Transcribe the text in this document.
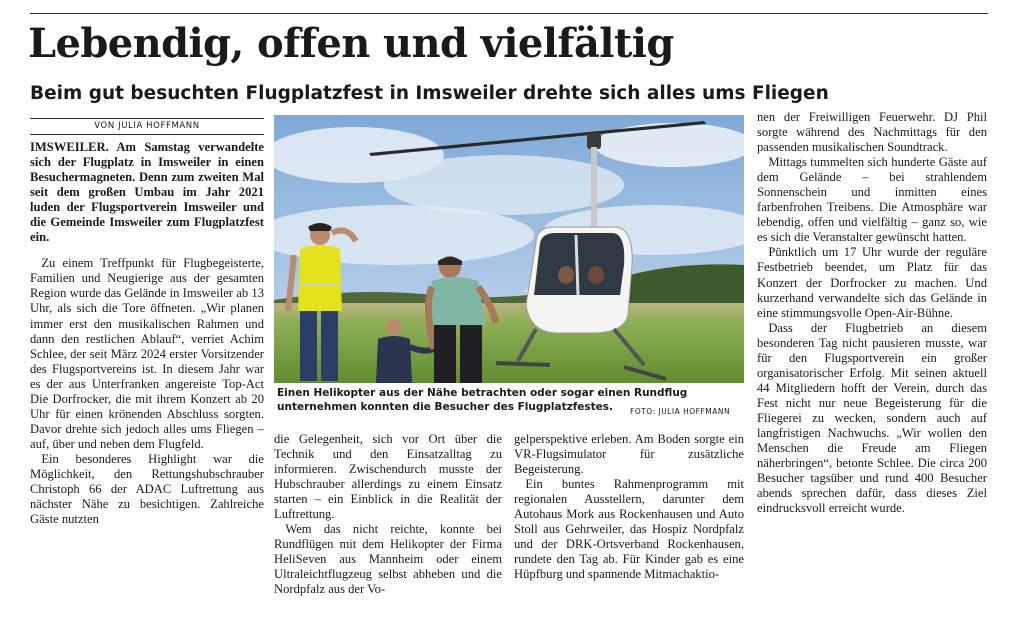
Lebendig, offen und vielfältig
Beim gut besuchten Flugplatzfest in Imsweiler drehte sich alles ums Fliegen
VON JULIA HOFFMANN

IMSWEILER. Am Samstag verwandelte sich der Flugplatz in Imsweiler in einen Besuchermagneten. Denn zum zweiten Mal seit dem großen Umbau im Jahr 2021 luden der Flugsportverein Imsweiler und die Gemeinde Imsweiler zum Flugplatzfest ein.

Zu einem Treffpunkt für Flugbegeisterte, Familien und Neugierige aus der gesamten Region wurde das Gelände in Imsweiler ab 13 Uhr, als sich die Tore öffneten. „Wir planen immer erst den musikalischen Rahmen und dann den restlichen Ablauf“, verriet Achim Schlee, der seit März 2024 erster Vorsitzender des Flugsportvereins ist. In diesem Jahr war es der aus Unterfranken angereiste Top-Act Die Dorfrocker, die mit ihrem Konzert ab 20 Uhr für einen krönenden Abschluss sorgten. Davor drehte sich jedoch alles ums Fliegen – auf, über und neben dem Flugfeld.

Ein besonderes Highlight war die Möglichkeit, den Rettungshubschrauber Christoph 66 der ADAC Luftrettung aus nächster Nähe zu besichtigen. Zahlreiche Gäste nutzten

Einen Helikopter aus der Nähe betrachten oder sogar einen Rundflug unternehmen konnten die Besucher des Flugplatzfestes.	FOTO: JULIA HOFFMANN

die Gelegenheit, sich vor Ort über die Technik und den Einsatzalltag zu informieren. Zwischendurch musste der Hubschrauber allerdings zu einem Einsatz starten – ein Einblick in die Realität der Luftrettung.

Wem das nicht reichte, konnte bei Rundflügen mit dem Helikopter der Firma HeliSeven aus Mannheim oder einem Ultraleichtflugzeug selbst abheben und die Nordpfalz aus der Vo-

gelperspektive erleben. Am Boden sorgte ein VR-Flugsimulator für zusätzliche Begeisterung.

Ein buntes Rahmenprogramm mit regionalen Ausstellern, darunter dem Autohaus Mork aus Rockenhausen und Auto Stoll aus Gehrweiler, das Hospiz Nordpfalz und der DRK-Ortsverband Rockenhausen, rundete den Tag ab. Für Kinder gab es eine Hüpfburg und spannende Mitmachaktio-

nen der Freiwilligen Feuerwehr. DJ Phil sorgte während des Nachmittags für den passenden musikalischen Soundtrack.

Mittags tummelten sich hunderte Gäste auf dem Gelände – bei strahlendem Sonnenschein und inmitten eines farbenfrohen Treibens. Die Atmosphäre war lebendig, offen und vielfältig – ganz so, wie es sich die Veranstalter gewünscht hatten.

Pünktlich um 17 Uhr wurde der reguläre Festbetrieb beendet, um Platz für das Konzert der Dorfrocker zu machen. Und kurzerhand verwandelte sich das Gelände in eine stimmungsvolle Open-Air-Bühne.

Dass der Flugbetrieb an diesem besonderen Tag nicht pausieren musste, war für den Flugsportverein ein großer organisatorischer Erfolg. Mit seinen aktuell 44 Mitgliedern hofft der Verein, durch das Fest nicht nur neue Begeisterung für die Fliegerei zu wecken, sondern auch auf langfristigen Nachwuchs. „Wir wollen den Menschen die Freude am Fliegen näherbringen“, betonte Schlee. Die circa 200 Besucher tagsüber und rund 400 Besucher abends sprechen dafür, dass dieses Ziel eindrucksvoll erreicht wurde.
